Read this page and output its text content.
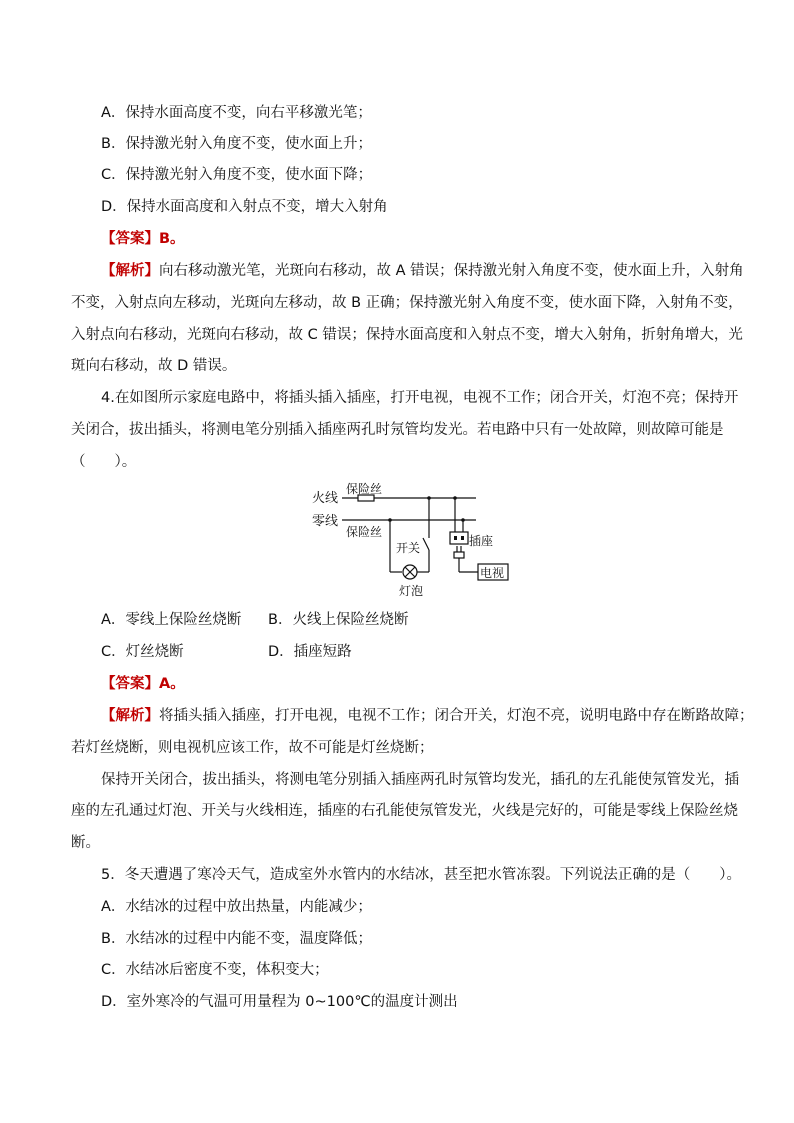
A．保持水面高度不变，向右平移激光笔；
B．保持激光射入角度不变，使水面上升；
C．保持激光射入角度不变，使水面下降；
D．保持水面高度和入射点不变，增大入射角
【答案】B。
【解析】向右移动激光笔，光斑向右移动，故 A 错误；保持激光射入角度不变，使水面上升，入射角
不变，入射点向左移动，光斑向左移动，故 B 正确；保持激光射入角度不变，使水面下降，入射角不变，
入射点向右移动，光斑向右移动，故 C 错误；保持水面高度和入射点不变，增大入射角，折射角增大，光
斑向右移动，故 D 错误。
4.在如图所示家庭电路中，将插头插入插座，打开电视，电视不工作；闭合开关，灯泡不亮；保持开
关闭合，拔出插头，将测电笔分别插入插座两孔时氖管均发光。若电路中只有一处故障，则故障可能是
（　　）。
火线
零线
保险丝
保险丝
开关	插座
电视
灯泡
A．零线上保险丝烧断 B．火线上保险丝烧断
C．灯丝烧断	D．插座短路
【答案】A。
【解析】将插头插入插座，打开电视，电视不工作；闭合开关，灯泡不亮，说明电路中存在断路故障；
若灯丝烧断，则电视机应该工作，故不可能是灯丝烧断；
保持开关闭合，拔出插头，将测电笔分别插入插座两孔时氖管均发光，插孔的左孔能使氖管发光，插
座的左孔通过灯泡、开关与火线相连，插座的右孔能使氖管发光，火线是完好的，可能是零线上保险丝烧
断。
5．冬天遭遇了寒冷天气，造成室外水管内的水结冰，甚至把水管冻裂。下列说法正确的是（　　）。
A．水结冰的过程中放出热量，内能减少；
B．水结冰的过程中内能不变，温度降低；
C．水结冰后密度不变，体积变大；
D．室外寒冷的气温可用量程为 0~100℃的温度计测出
